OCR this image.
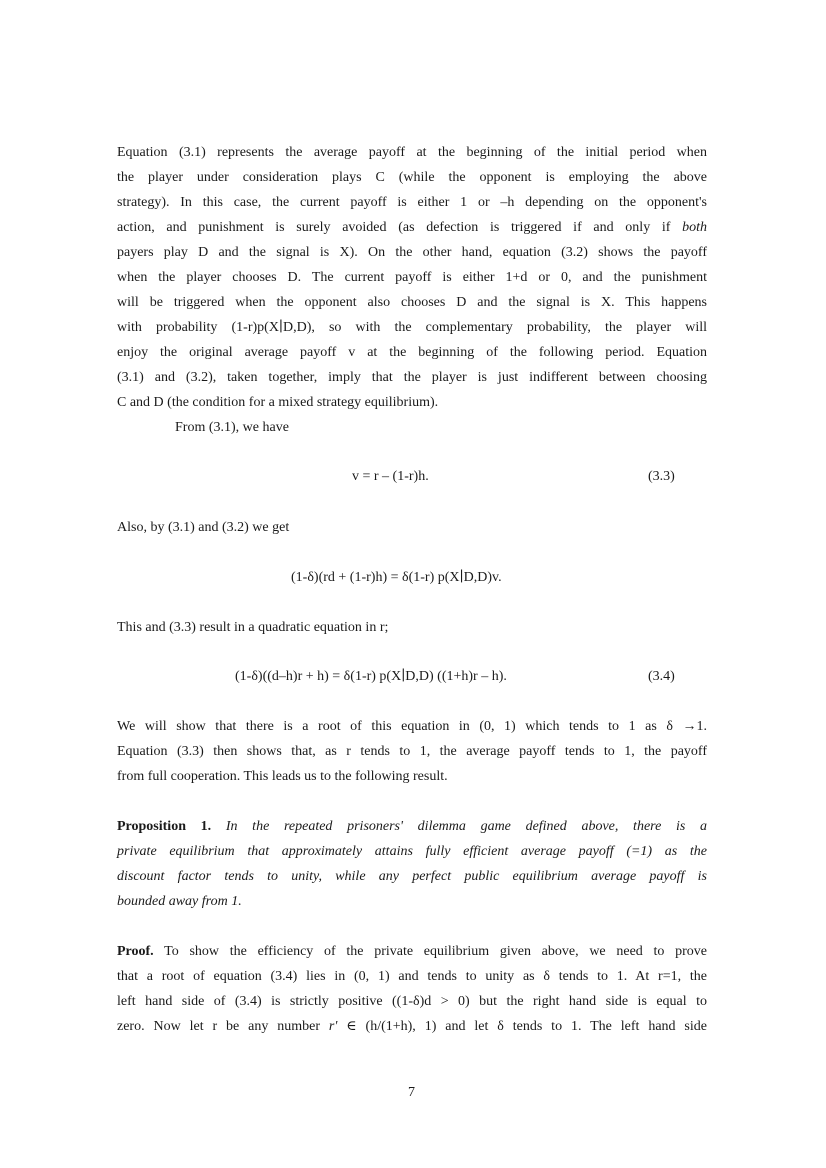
Equation (3.1) represents the average payoff at the beginning of the initial period when
the player under consideration plays C (while the opponent is employing the above
strategy). In this case, the current payoff is either 1 or –h depending on the opponent's
action, and punishment is surely avoided (as defection is triggered if and only if both
payers play D and the signal is X). On the other hand, equation (3.2) shows the payoff
when the player chooses D. The current payoff is either 1+d or 0, and the punishment
will be triggered when the opponent also chooses D and the signal is X. This happens
with probability (1-r)p(X∣D,D), so with the complementary probability, the player will
enjoy the original average payoff v at the beginning of the following period. Equation
(3.1) and (3.2), taken together, imply that the player is just indifferent between choosing
C and D (the condition for a mixed strategy equilibrium).
From (3.1), we have
v = r – (1-r)h.	(3.3)
Also, by (3.1) and (3.2) we get
(1-δ)(rd + (1-r)h) = δ(1-r) p(X∣D,D)v.
This and (3.3) result in a quadratic equation in r;
(1-δ)((d–h)r + h) = δ(1-r) p(X∣D,D) ((1+h)r – h).	(3.4)
We will show that there is a root of this equation in (0, 1) which tends to 1 as δ →1.
Equation (3.3) then shows that, as r tends to 1, the average payoff tends to 1, the payoff
from full cooperation. This leads us to the following result.
Proposition 1. In the repeated prisoners' dilemma game defined above, there is a
private equilibrium that approximately attains fully efficient average payoff (=1) as the
discount factor tends to unity, while any perfect public equilibrium average payoff is
bounded away from 1.
Proof. To show the efficiency of the private equilibrium given above, we need to prove
that a root of equation (3.4) lies in (0, 1) and tends to unity as δ tends to 1. At r=1, the
left hand side of (3.4) is strictly positive ((1-δ)d > 0) but the right hand side is equal to
zero. Now let r be any number r' ∈ (h/(1+h), 1) and let δ tends to 1. The left hand side
7
